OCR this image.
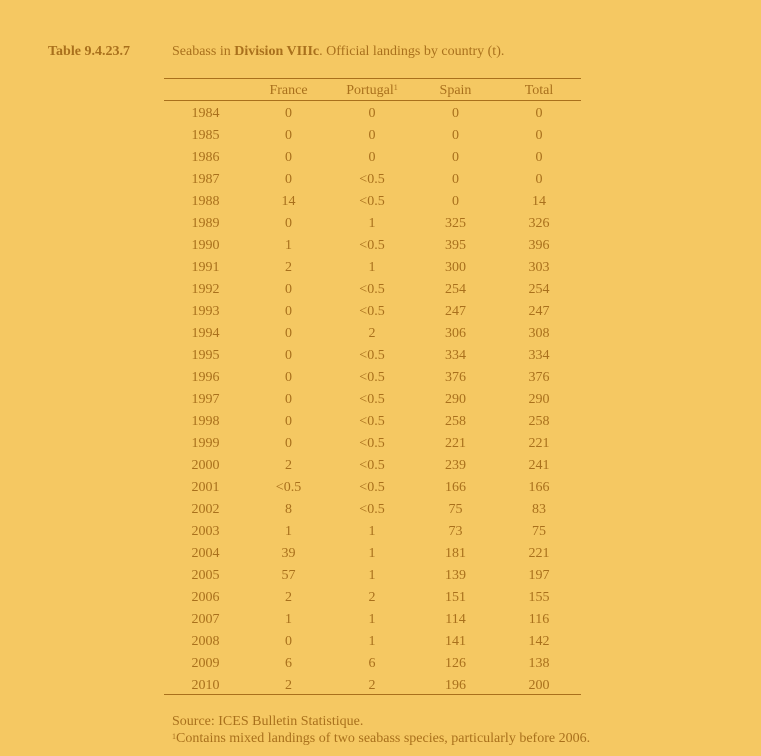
Table 9.4.23.7	Seabass in Division VIIIc. Official landings by country (t).
France	Portugal$^1$	Spain	Total
1984	0	0	0	0
1985	0	0	0	0
1986	0	0	0	0
1987	0	<0.5	0	0
1988	14	<0.5	0	14
1989	0	1	325	326
1990	1	<0.5	395	396
1991	2	1	300	303
1992	0	<0.5	254	254
1993	0	<0.5	247	247
1994	0	2	306	308
1995	0	<0.5	334	334
1996	0	<0.5	376	376
1997	0	<0.5	290	290
1998	0	<0.5	258	258
1999	0	<0.5	221	221
2000	2	<0.5	239	241
2001	<0.5	<0.5	166	166
2002	8	<0.5	75	83
2003	1	1	73	75
2004	39	1	181	221
2005	57	1	139	197
2006	2	2	151	155
2007	1	1	114	116
2008	0	1	141	142
2009	6	6	126	138
2010	2	2	196	200
Source: ICES Bulletin Statistique.
$^1$Contains mixed landings of two seabass species, particularly before 2006.
